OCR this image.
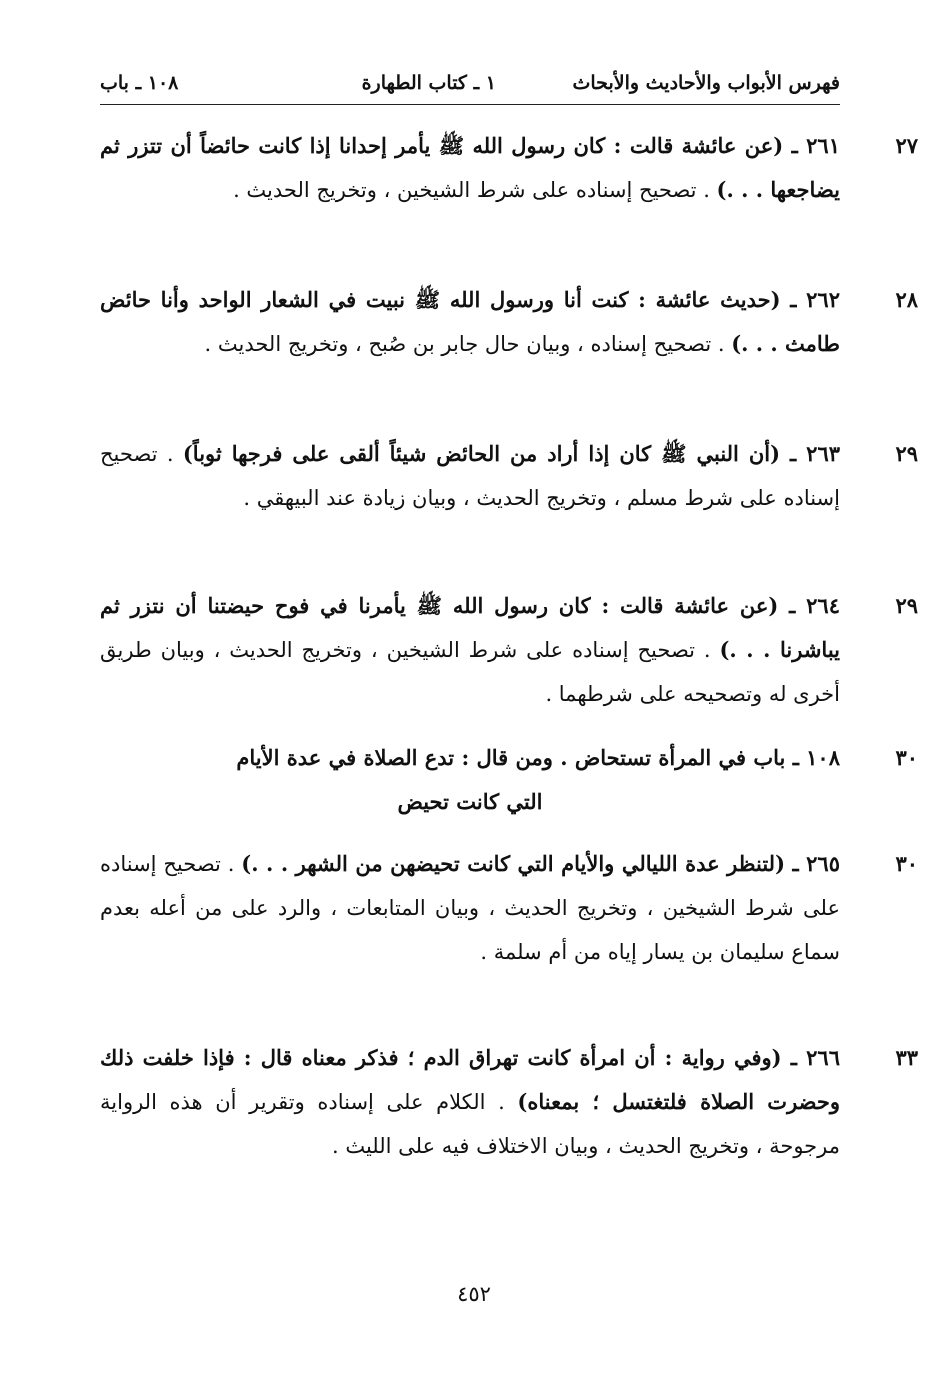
فهرس الأبواب والأحاديث والأبحاث
١ ـ كتاب الطهارة
١٠٨ ـ باب
٢٧
٢٦١ ـ (عن عائشة قالت : كان رسول الله ﷺ يأمر إحدانا إذا كانت حائضاً أن تتزر ثم يضاجعها . . .) . تصحيح إسناده على شرط الشيخين ، وتخريج الحديث .
٢٨
٢٦٢ ـ (حديث عائشة : كنت أنا ورسول الله ﷺ نبيت في الشعار الواحد وأنا حائض طامث . . .) . تصحيح إسناده ، وبيان حال جابر بن صُبح ، وتخريج الحديث .
٢٩
٢٦٣ ـ (أن النبي ﷺ كان إذا أراد من الحائض شيئاً ألقى على فرجها ثوباً) . تصحيح إسناده على شرط مسلم ، وتخريج الحديث ، وبيان زيادة عند البيهقي .
٢٩
٢٦٤ ـ (عن عائشة قالت : كان رسول الله ﷺ يأمرنا في فوح حيضتنا أن نتزر ثم يباشرنا . . .) . تصحيح إسناده على شرط الشيخين ، وتخريج الحديث ، وبيان طريق أخرى له وتصحيحه على شرطهما .
٣٠
١٠٨ ـ باب في المرأة تستحاض . ومن قال : تدع الصلاة في عدة الأيام
التي كانت تحيض
٣٠
٢٦٥ ـ (لتنظر عدة الليالي والأيام التي كانت تحيضهن من الشهر . . .) . تصحيح إسناده على شرط الشيخين ، وتخريج الحديث ، وبيان المتابعات ، والرد على من أعله بعدم سماع سليمان بن يسار إياه من أم سلمة .
٣٣
٢٦٦ ـ (وفي رواية : أن امرأة كانت تهراق الدم ؛ فذكر معناه قال : فإذا خلفت ذلك وحضرت الصلاة فلتغتسل ؛ بمعناه) . الكلام على إسناده وتقرير أن هذه الرواية مرجوحة ، وتخريج الحديث ، وبيان الاختلاف فيه على الليث .
٤٥٢
